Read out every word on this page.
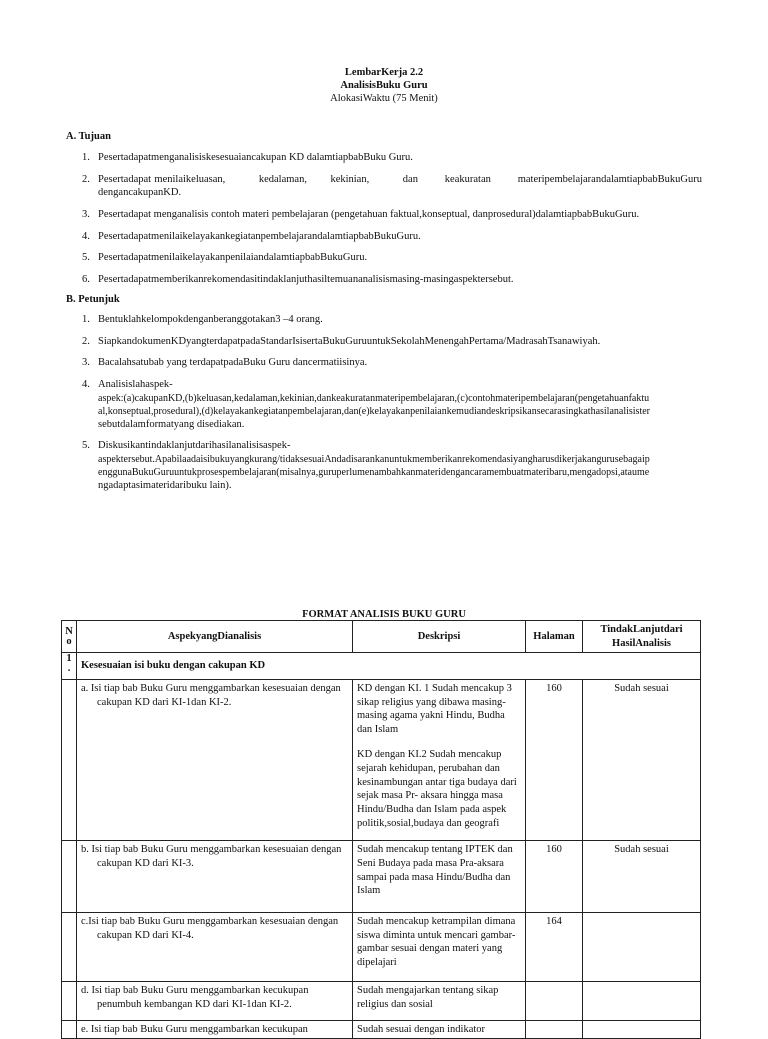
LembarKerja 2.2
AnalisisBuku Guru
AlokasiWaktu (75 Menit)
A. Tujuan
1. Pesertadapatmenganalisiskesesuaiancakupan KD dalamtiapbabBuku Guru.
2. Pesertadapat menilaikeluasan,          kedalaman,       kekinian,          dan        keakuratan        materipembelajarandalamtiapbabBukuGuru
dengancakupanKD.
3. Pesertadapat menganalisis contoh materi pembelajaran (pengetahuan faktual,konseptual, danprosedural)dalamtiapbabBukuGuru.
4. PesertadapatmenilaikelayakankegiatanpembelajarandalamtiapbabBukuGuru.
5. PesertadapatmenilaikelayakanpenilaiandalamtiapbabBukuGuru.
6. Pesertadapatmemberikanrekomendasitindaklanjuthasiltemuananalisismasing-masingaspektersebut.
B. Petunjuk
1. Bentuklahkelompokdenganberanggotakan3 –4 orang.
2. SiapkandokumenKDyangterdapatpadaStandarIsisertaBukuGuruuntukSekolahMenengahPertama/MadrasahTsanawiyah.
3. Bacalahsatubab yang terdapatpadaBuku Guru dancermatiisinya.
4. Analisislahaspek-
aspek:(a)cakupanKD,(b)keluasan,kedalaman,kekinian,dankeakuratanmateripembelajaran,(c)contohmateripembelajaran(pengetahuanfaktu
al,konseptual,prosedural),(d)kelayakankegiatanpembelajaran,dan(e)kelayakanpenilaiankemudiandeskripsikansecarasingkathasilanalisister
sebutdalamformatyang disediakan.
5. Diskusikantindaklanjutdarihasilanalisisaspek-
aspektersebut.Apabilaadaisibukuyangkurang/tidaksesuaiAndadisarankanuntukmemberikanrekomendasiyangharusdikerjakangurusebagaip
enggunaBukuGuruuntukprosespembelajaran(misalnya,guruperlumenambahkanmateridengancaramembuatmateribaru,mengadopsi,ataume
ngadaptasimateridaribuku lain).
FORMAT ANALISIS BUKU GURU
N o	AspekyangDianalisis	Deskripsi	Halaman	TindakLanjutdari HasilAnalisis
1 .	Kesesuaian isi buku dengan cakupan KD			
	a. Isi tiap bab Buku Guru menggambarkan kesesuaian dengan cakupan KD dari KI-1dan KI-2.	KD dengan KI. 1 Sudah mencakup 3 sikap religius yang dibawa masing-masing agama yakni Hindu, Budha dan Islam
KD dengan KI.2 Sudah mencakup sejarah kehidupan, perubahan dan kesinambungan antar tiga budaya dari sejak masa Pr- aksara hingga masa Hindu/Budha dan Islam pada aspek politik,sosial,budaya dan geografi	160	Sudah sesuai
	b. Isi tiap bab Buku Guru menggambarkan kesesuaian dengan cakupan KD dari KI-3.	Sudah mencakup tentang IPTEK dan Seni Budaya pada masa Pra-aksara sampai pada masa Hindu/Budha dan Islam	160	Sudah sesuai
	c.Isi tiap bab Buku Guru menggambarkan kesesuaian dengan cakupan KD dari KI-4.	Sudah mencakup ketrampilan dimana siswa diminta untuk mencari gambar-gambar sesuai dengan materi yang dipelajari	164	
	d. Isi tiap bab Buku Guru menggambarkan kecukupan penumbuh kembangan KD dari KI-1dan KI-2.	Sudah mengajarkan tentang sikap religius dan sosial		

	e. Isi tiap bab Buku Guru menggambarkan kecukupan	Sudah sesuai dengan indikator		
